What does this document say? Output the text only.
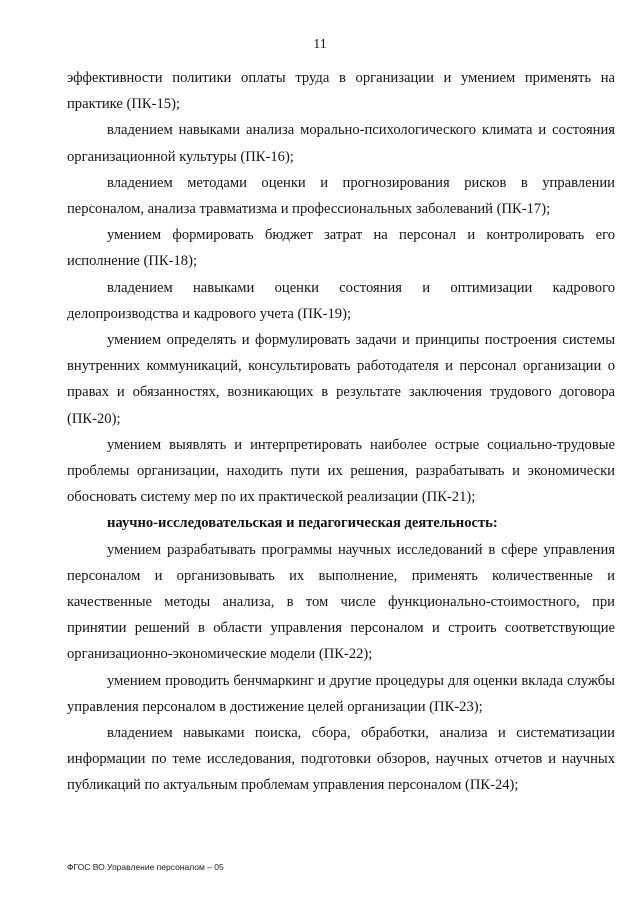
11

эффективности политики оплаты труда в организации и умением применять на практике (ПК-15);

владением навыками анализа морально-психологического климата и состояния организационной культуры (ПК-16);

владением методами оценки и прогнозирования рисков в управлении персоналом, анализа травматизма и профессиональных заболеваний (ПК-17);

умением формировать бюджет затрат на персонал и контролировать его исполнение (ПК-18);

владением навыками оценки состояния и оптимизации кадрового делопроизводства и кадрового учета (ПК-19);

умением определять и формулировать задачи и принципы построения системы внутренних коммуникаций, консультировать работодателя и персонал организации о правах и обязанностях, возникающих в результате заключения трудового договора (ПК-20);

умением выявлять и интерпретировать наиболее острые социально-трудовые проблемы организации, находить пути их решения, разрабатывать и экономически обосновать систему мер по их практической реализации (ПК-21);

научно-исследовательская и педагогическая деятельность:

умением разрабатывать программы научных исследований в сфере управления персоналом и организовывать их выполнение, применять количественные и качественные методы анализа, в том числе функционально-стоимостного, при принятии решений в области управления персоналом и строить соответствующие организационно-экономические модели (ПК-22);

умением проводить бенчмаркинг и другие процедуры для оценки вклада службы управления персоналом в достижение целей организации (ПК-23);

владением навыками поиска, сбора, обработки, анализа и систематизации информации по теме исследования, подготовки обзоров, научных отчетов и научных публикаций по актуальным проблемам управления персоналом (ПК-24);

ФГОС ВО Управление персоналом – 05
